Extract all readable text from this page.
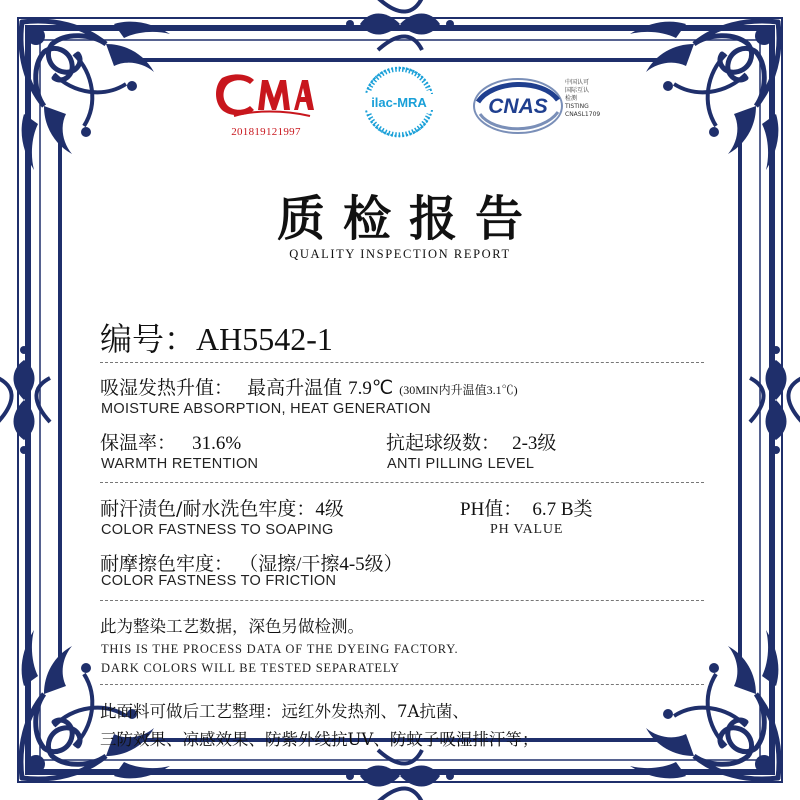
201819121997
ilac-MRA	CNAS
中国认可
国际互认
检测
TISTING
CNASL1709
质检报告
QUALITY INSPECTION REPORT
编号：AH5542-1
吸湿发热升值： 最高升温值 7.9℃ (30MIN内升温值3.1℃)
MOISTURE ABSORPTION, HEAT GENERATION
保温率： 31.6%
WARMTH RETENTION
抗起球级数： 2-3级
ANTI PILLING LEVEL
耐汗渍色/耐水洗色牢度：4级
COLOR FASTNESS TO SOAPING
PH值： 6.7 B类
PH VALUE
耐摩擦色牢度： （湿擦/干擦4-5级）
COLOR FASTNESS TO FRICTION
此为整染工艺数据，深色另做检测。
THIS IS THE PROCESS DATA OF THE DYEING FACTORY.
DARK COLORS WILL BE TESTED SEPARATELY
此面料可做后工艺整理：远红外发热剂、7A抗菌、
三防效果、凉感效果、防紫外线抗UV、防蚊子吸湿排汗等；
